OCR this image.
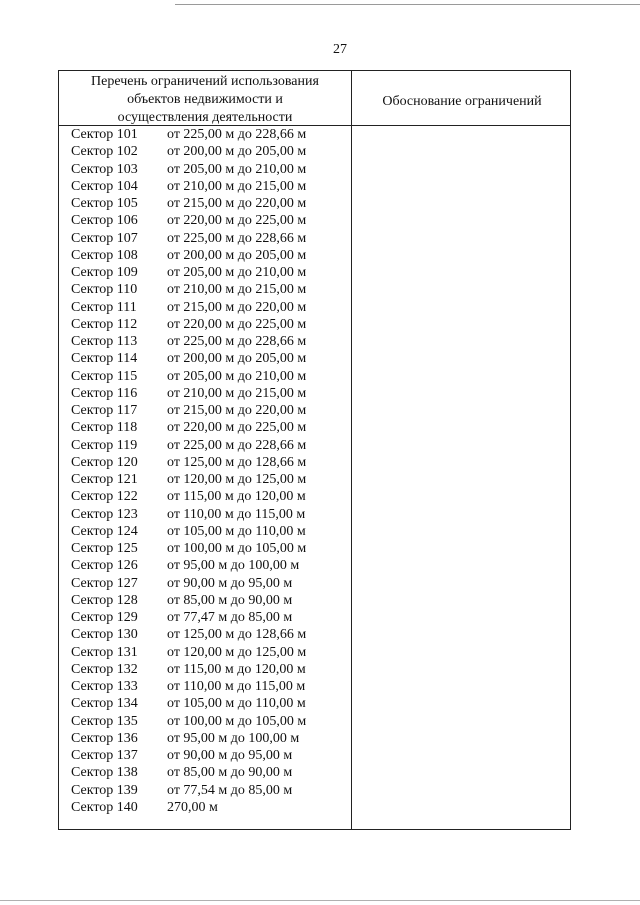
27
Перечень ограничений использования
объектов недвижимости и
осуществления деятельности
Обоснование ограничений
Сектор 101 от 225,00 м до 228,66 м
Сектор 102 от 200,00 м до 205,00 м
Сектор 103 от 205,00 м до 210,00 м
Сектор 104 от 210,00 м до 215,00 м
Сектор 105 от 215,00 м до 220,00 м
Сектор 106 от 220,00 м до 225,00 м
Сектор 107 от 225,00 м до 228,66 м
Сектор 108 от 200,00 м до 205,00 м
Сектор 109 от 205,00 м до 210,00 м
Сектор 110 от 210,00 м до 215,00 м
Сектор 111 от 215,00 м до 220,00 м
Сектор 112 от 220,00 м до 225,00 м
Сектор 113 от 225,00 м до 228,66 м
Сектор 114 от 200,00 м до 205,00 м
Сектор 115 от 205,00 м до 210,00 м
Сектор 116 от 210,00 м до 215,00 м
Сектор 117 от 215,00 м до 220,00 м
Сектор 118 от 220,00 м до 225,00 м
Сектор 119 от 225,00 м до 228,66 м
Сектор 120 от 125,00 м до 128,66 м
Сектор 121 от 120,00 м до 125,00 м
Сектор 122 от 115,00 м до 120,00 м
Сектор 123 от 110,00 м до 115,00 м
Сектор 124 от 105,00 м до 110,00 м
Сектор 125 от 100,00 м до 105,00 м
Сектор 126 от 95,00 м до 100,00 м
Сектор 127 от 90,00 м до 95,00 м
Сектор 128 от 85,00 м до 90,00 м
Сектор 129 от 77,47 м до 85,00 м
Сектор 130 от 125,00 м до 128,66 м
Сектор 131 от 120,00 м до 125,00 м
Сектор 132 от 115,00 м до 120,00 м
Сектор 133 от 110,00 м до 115,00 м
Сектор 134 от 105,00 м до 110,00 м
Сектор 135 от 100,00 м до 105,00 м
Сектор 136 от 95,00 м до 100,00 м
Сектор 137 от 90,00 м до 95,00 м
Сектор 138 от 85,00 м до 90,00 м
Сектор 139 от 77,54 м до 85,00 м
Сектор 140 270,00 м
